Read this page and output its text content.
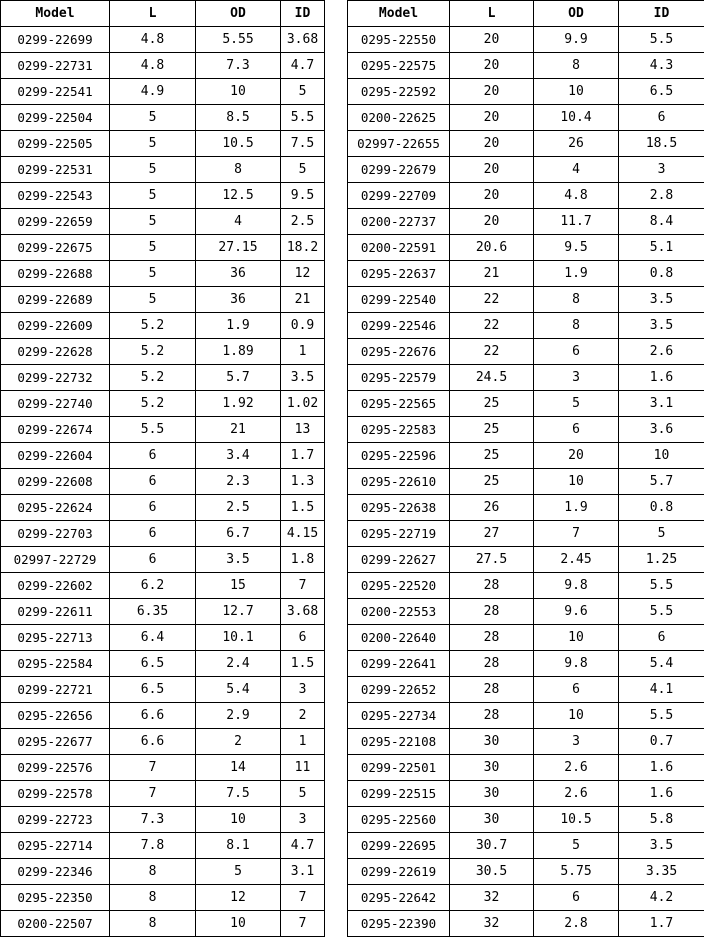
Model	L	OD	ID
0299-22699	4.8	5.55	3.68
0299-22731	4.8	7.3	4.7
0299-22541	4.9	10	5
0299-22504	5	8.5	5.5
0299-22505	5	10.5	7.5
0299-22531	5	8	5
0299-22543	5	12.5	9.5
0299-22659	5	4	2.5
0299-22675	5	27.15	18.2
0299-22688	5	36	12
0299-22689	5	36	21
0299-22609	5.2	1.9	0.9
0299-22628	5.2	1.89	1
0299-22732	5.2	5.7	3.5
0299-22740	5.2	1.92	1.02
0299-22674	5.5	21	13
0299-22604	6	3.4	1.7
0299-22608	6	2.3	1.3
0295-22624	6	2.5	1.5
0299-22703	6	6.7	4.15
02997-22729	6	3.5	1.8
0299-22602	6.2	15	7
0299-22611	6.35	12.7	3.68
0295-22713	6.4	10.1	6
0295-22584	6.5	2.4	1.5
0299-22721	6.5	5.4	3
0295-22656	6.6	2.9	2
0295-22677	6.6	2	1
0299-22576	7	14	11
0299-22578	7	7.5	5
0299-22723	7.3	10	3
0295-22714	7.8	8.1	4.7
0299-22346	8	5	3.1
0295-22350	8	12	7
0200-22507	8	10	7
Model	L	OD	ID
0295-22550	20	9.9	5.5
0295-22575	20	8	4.3
0295-22592	20	10	6.5
0200-22625	20	10.4	6
02997-22655	20	26	18.5
0299-22679	20	4	3
0299-22709	20	4.8	2.8
0200-22737	20	11.7	8.4
0200-22591	20.6	9.5	5.1
0295-22637	21	1.9	0.8
0299-22540	22	8	3.5
0299-22546	22	8	3.5
0295-22676	22	6	2.6
0295-22579	24.5	3	1.6
0295-22565	25	5	3.1
0295-22583	25	6	3.6
0295-22596	25	20	10
0295-22610	25	10	5.7
0295-22638	26	1.9	0.8
0295-22719	27	7	5
0299-22627	27.5	2.45	1.25
0295-22520	28	9.8	5.5
0200-22553	28	9.6	5.5
0200-22640	28	10	6
0299-22641	28	9.8	5.4
0299-22652	28	6	4.1
0295-22734	28	10	5.5
0295-22108	30	3	0.7
0299-22501	30	2.6	1.6
0299-22515	30	2.6	1.6
0295-22560	30	10.5	5.8
0299-22695	30.7	5	3.5
0299-22619	30.5	5.75	3.35
0295-22642	32	6	4.2
0295-22390	32	2.8	1.7
